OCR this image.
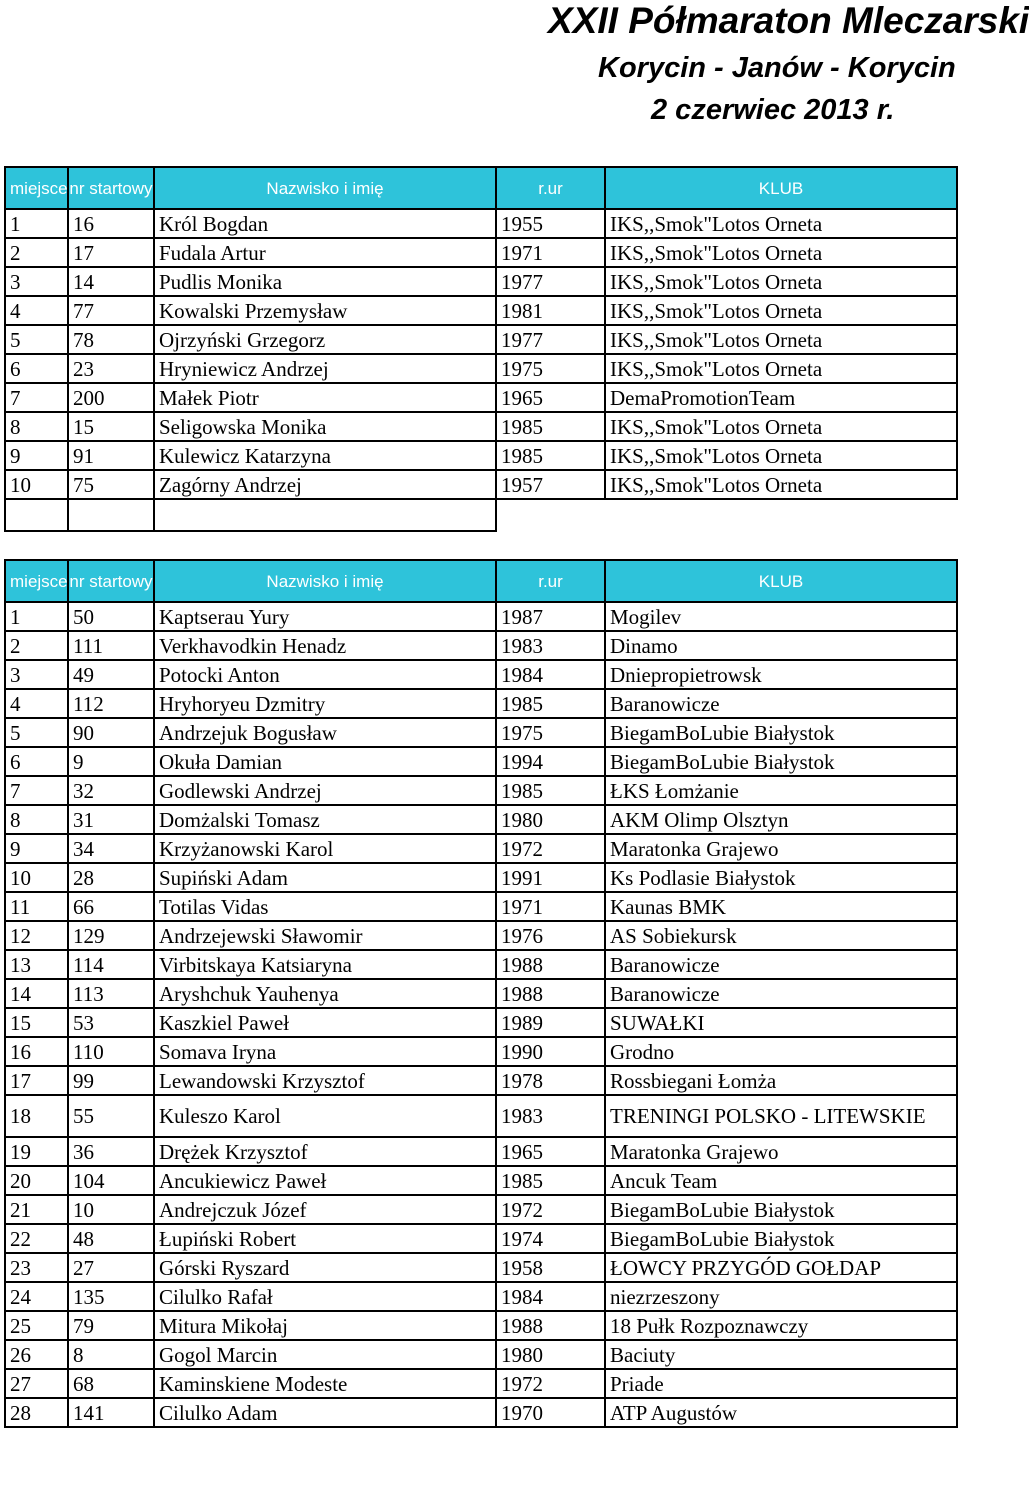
XXII Półmaraton Mleczarski
Korycin - Janów - Korycin
2 czerwiec 2013 r.
miejsce	nr startowy	Nazwisko i imię	r.ur	KLUB
1	16	Król Bogdan	1955	IKS,,Smok"Lotos Orneta
2	17	Fudala Artur	1971	IKS,,Smok"Lotos Orneta
3	14	Pudlis Monika	1977	IKS,,Smok"Lotos Orneta
4	77	Kowalski Przemysław	1981	IKS,,Smok"Lotos Orneta
5	78	Ojrzyński Grzegorz	1977	IKS,,Smok"Lotos Orneta
6	23	Hryniewicz Andrzej	1975	IKS,,Smok"Lotos Orneta
7	200	Małek Piotr	1965	DemaPromotionTeam
8	15	Seligowska Monika	1985	IKS,,Smok"Lotos Orneta
9	91	Kulewicz Katarzyna	1985	IKS,,Smok"Lotos Orneta
10	75	Zagórny Andrzej	1957	IKS,,Smok"Lotos Orneta

miejsce	nr startowy	Nazwisko i imię	r.ur	KLUB
1	50	Kaptserau Yury	1987	Mogilev
2	111	Verkhavodkin Henadz	1983	Dinamo
3	49	Potocki Anton	1984	Dniepropietrowsk
4	112	Hryhoryeu Dzmitry	1985	Baranowicze
5	90	Andrzejuk Bogusław	1975	BiegamBoLubie Białystok
6	9	Okuła Damian	1994	BiegamBoLubie Białystok
7	32	Godlewski Andrzej	1985	ŁKS Łomżanie
8	31	Domżalski Tomasz	1980	AKM Olimp Olsztyn
9	34	Krzyżanowski Karol	1972	Maratonka Grajewo
10	28	Supiński Adam	1991	Ks Podlasie Białystok
11	66	Totilas Vidas	1971	Kaunas BMK
12	129	Andrzejewski Sławomir	1976	AS Sobiekursk
13	114	Virbitskaya Katsiaryna	1988	Baranowicze
14	113	Aryshchuk Yauhenya	1988	Baranowicze
15	53	Kaszkiel Paweł	1989	SUWAŁKI
16	110	Somava Iryna	1990	Grodno
17	99	Lewandowski Krzysztof	1978	Rossbiegani Łomża
18	55	Kuleszo Karol	1983	TRENINGI POLSKO - LITEWSKIE
19	36	Drężek Krzysztof	1965	Maratonka Grajewo
20	104	Ancukiewicz Paweł	1985	Ancuk Team
21	10	Andrejczuk Józef	1972	BiegamBoLubie Białystok
22	48	Łupiński Robert	1974	BiegamBoLubie Białystok
23	27	Górski Ryszard	1958	ŁOWCY PRZYGÓD GOŁDAP
24	135	Cilulko Rafał	1984	niezrzeszony
25	79	Mitura Mikołaj	1988	18 Pułk Rozpoznawczy
26	8	Gogol Marcin	1980	Baciuty
27	68	Kaminskiene Modeste	1972	Priade
28	141	Cilulko Adam	1970	ATP Augustów
